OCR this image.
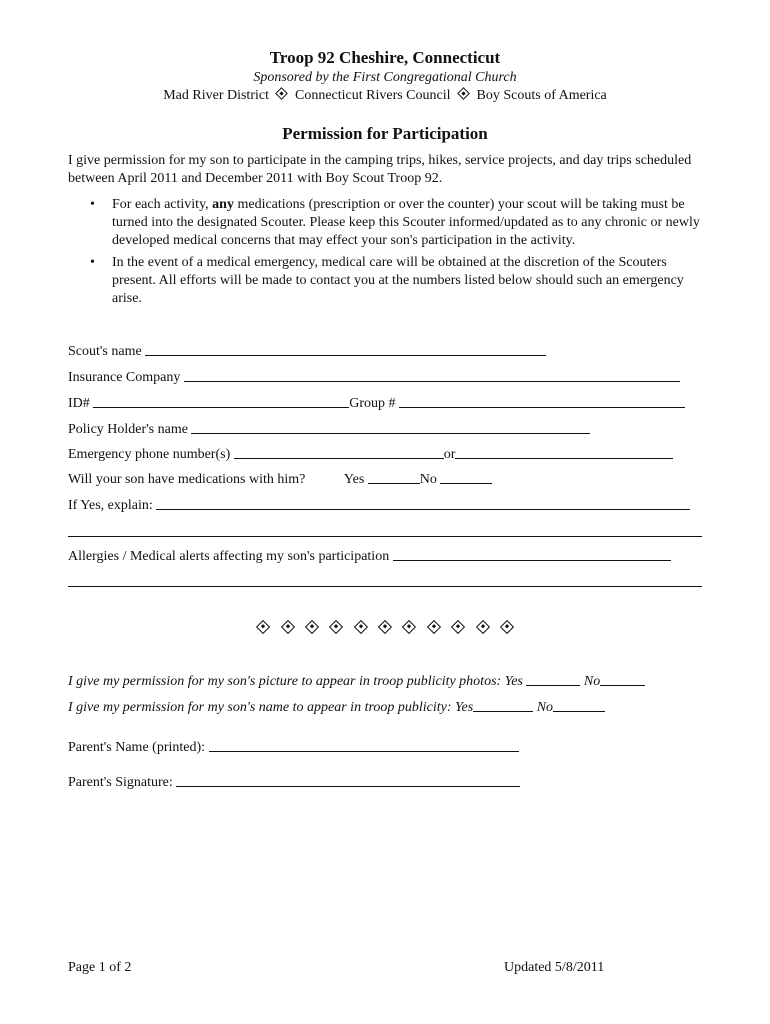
Troop 92 Cheshire, Connecticut
Sponsored by the First Congregational Church
Mad River District Connecticut Rivers Council Boy Scouts of America
Permission for Participation
I give permission for my son to participate in the camping trips, hikes, service projects, and day trips scheduled between April 2011 and December 2011 with Boy Scout Troop 92.
• For each activity, any medications (prescription or over the counter) your scout will be taking must be turned into the designated Scouter. Please keep this Scouter informed/updated as to any chronic or newly developed medical concerns that may effect your son's participation in the activity.
• In the event of a medical emergency, medical care will be obtained at the discretion of the Scouters present. All efforts will be made to contact you at the numbers listed below should such an emergency arise.
Scout's name
Insurance Company
ID#	Group #
Policy Holder's name
Emergency phone number(s)	or
Will your son have medications with him?	Yes	No
If Yes, explain:
Allergies / Medical alerts affecting my son's participation

I give my permission for my son's picture to appear in troop publicity photos: Yes	No
I give my permission for my son's name to appear in troop publicity: Yes	No
Parent's Name (printed):
Parent's Signature:
Page 1 of 2	Updated 5/8/2011
